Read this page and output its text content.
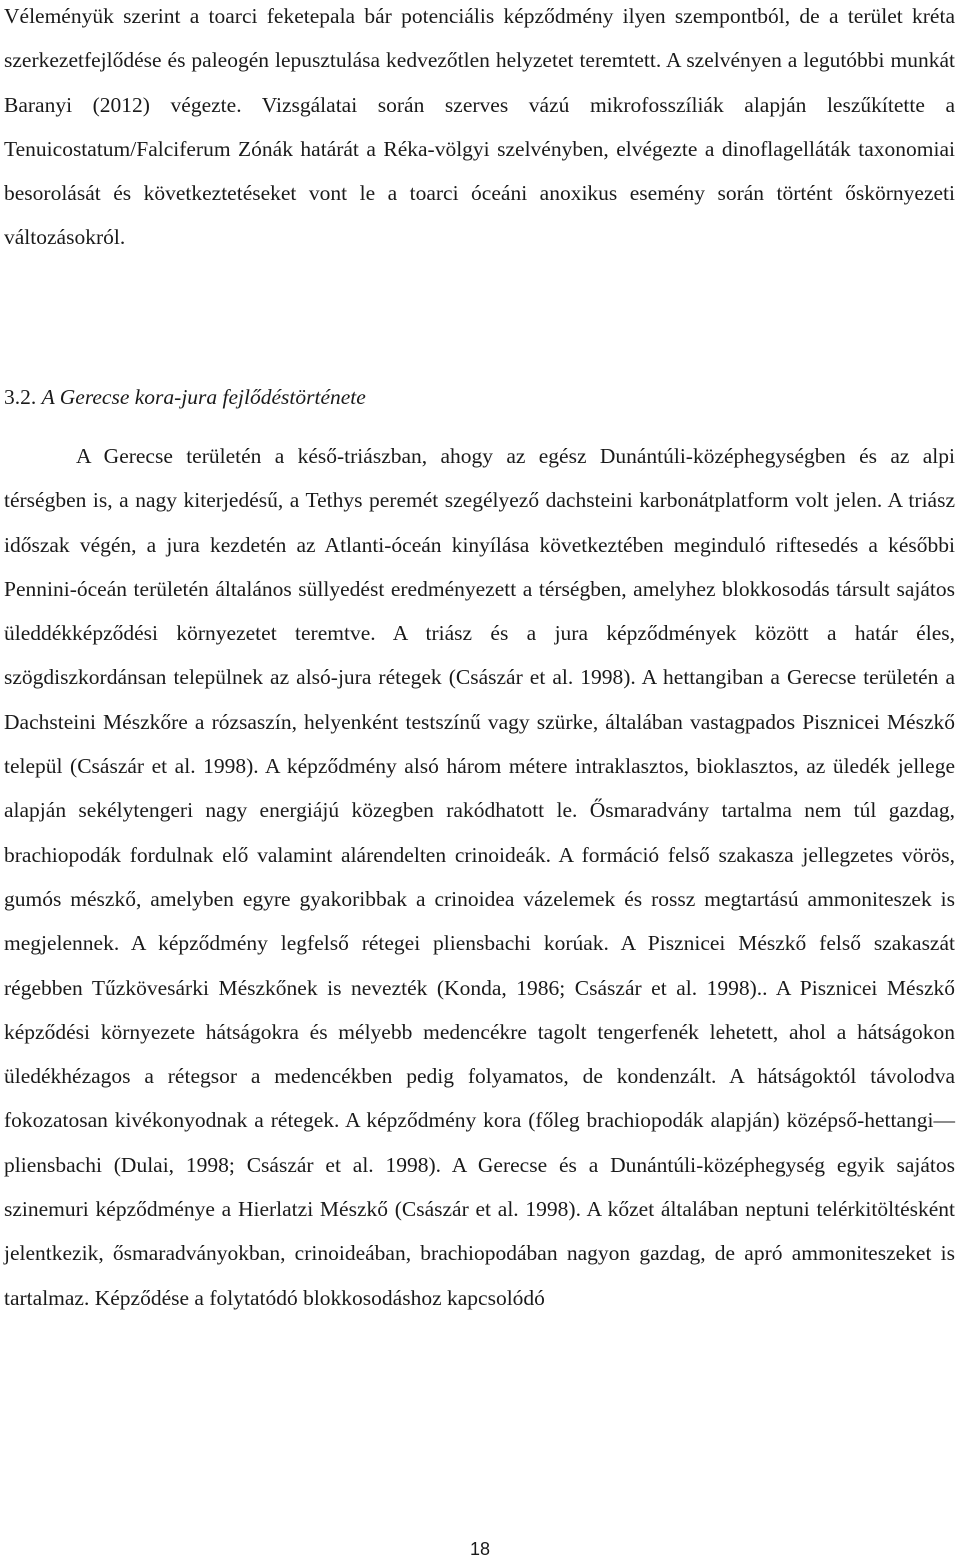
Véleményük szerint a toarci feketepala bár potenciális képződmény ilyen szempontból, de a terület kréta szerkezetfejlődése és paleogén lepusztulása kedvezőtlen helyzetet teremtett. A szelvényen a legutóbbi munkát Baranyi (2012) végezte. Vizsgálatai során szerves vázú mikrofosszíliák alapján leszűkítette a Tenuicostatum/Falciferum Zónák határát a Réka-völgyi szelvényben, elvégezte a dinoflagelláták taxonomiai besorolását és következtetéseket vont le a toarci óceáni anoxikus esemény során történt őskörnyezeti változásokról.

3.2. A Gerecse kora-jura fejlődéstörténete

A Gerecse területén a késő-triászban, ahogy az egész Dunántúli-középhegységben és az alpi térségben is, a nagy kiterjedésű, a Tethys peremét szegélyező dachsteini karbonátplatform volt jelen. A triász időszak végén, a jura kezdetén az Atlanti-óceán kinyílása következtében meginduló riftesedés a későbbi Pennini-óceán területén általános süllyedést eredményezett a térségben, amelyhez blokkosodás társult sajátos üleddékképződési környezetet teremtve. A triász és a jura képződmények között a határ éles, szögdiszkordánsan települnek az alsó-jura rétegek (Császár et al. 1998). A hettangiban a Gerecse területén a Dachsteini Mészkőre a rózsaszín, helyenként testszínű vagy szürke, általában vastagpados Pisznicei Mészkő települ (Császár et al. 1998). A képződmény alsó három métere intraklasztos, bioklasztos, az üledék jellege alapján sekélytengeri nagy energiájú közegben rakódhatott le. Ősmaradvány tartalma nem túl gazdag, brachiopodák fordulnak elő valamint alárendelten crinoideák. A formáció felső szakasza jellegzetes vörös, gumós mészkő, amelyben egyre gyakoribbak a crinoidea vázelemek és rossz megtartású ammoniteszek is megjelennek. A képződmény legfelső rétegei pliensbachi korúak. A Pisznicei Mészkő felső szakaszát régebben Tűzkövesárki Mészkőnek is nevezték (Konda, 1986; Császár et al. 1998).. A Pisznicei Mészkő képződési környezete hátságokra és mélyebb medencékre tagolt tengerfenék lehetett, ahol a hátságokon üledékhézagos a rétegsor a medencékben pedig folyamatos, de kondenzált. A hátságoktól távolodva fokozatosan kivékonyodnak a rétegek. A képződmény kora (főleg brachiopodák alapján) középső-hettangi—pliensbachi (Dulai, 1998; Császár et al. 1998). A Gerecse és a Dunántúli-középhegység egyik sajátos szinemuri képződménye a Hierlatzi Mészkő (Császár et al. 1998). A kőzet általában neptuni telérkitöltésként jelentkezik, ősmaradványokban, crinoideában, brachiopodában nagyon gazdag, de apró ammoniteszeket is tartalmaz. Képződése a folytatódó blokkosodáshoz kapcsolódó

18
